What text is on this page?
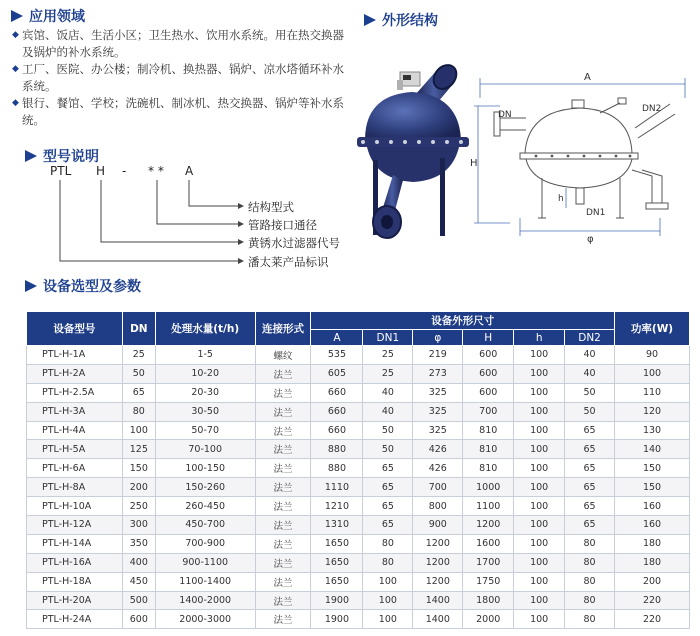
应用领域
◆ 宾馆、饭店、生活小区；卫生热水、饮用水系统。用在热交换器及锅炉的补水系统。
◆ 工厂、医院、办公楼；制冷机、换热器、锅炉、凉水塔循环补水系统。
◆ 银行、餐馆、学校；洗碗机、制冰机、热交换器、锅炉等补水系统。
外形结构
型号说明
PTL H - * * A
结构型式
管路接口通径
黄锈水过滤器代号
潘太莱产品标识
A
DN
DN2
H
h
DN1
φ
设备选型及参数
设备型号	DN	处理水量(t/h)	连接形式	设备外形尺寸						功率(W)
				A	DN1	φ	H	h	DN2	
PTL-H-1A	25	1-5	螺纹	535	25	219	600	100	40	90
PTL-H-2A	50	10-20	法兰	605	25	273	600	100	40	100
PTL-H-2.5A	65	20-30	法兰	660	40	325	600	100	50	110
PTL-H-3A	80	30-50	法兰	660	40	325	700	100	50	120
PTL-H-4A	100	50-70	法兰	660	50	325	810	100	65	130
PTL-H-5A	125	70-100	法兰	880	50	426	810	100	65	140
PTL-H-6A	150	100-150	法兰	880	65	426	810	100	65	150
PTL-H-8A	200	150-260	法兰	1110	65	700	1000	100	65	150
PTL-H-10A	250	260-450	法兰	1210	65	800	1100	100	65	160
PTL-H-12A	300	450-700	法兰	1310	65	900	1200	100	65	160
PTL-H-14A	350	700-900	法兰	1650	80	1200	1600	100	80	180
PTL-H-16A	400	900-1100	法兰	1650	80	1200	1700	100	80	180
PTL-H-18A	450	1100-1400	法兰	1650	100	1200	1750	100	80	200
PTL-H-20A	500	1400-2000	法兰	1900	100	1400	1800	100	80	220
PTL-H-24A	600	2000-3000	法兰	1900	100	1400	2000	100	80	220
